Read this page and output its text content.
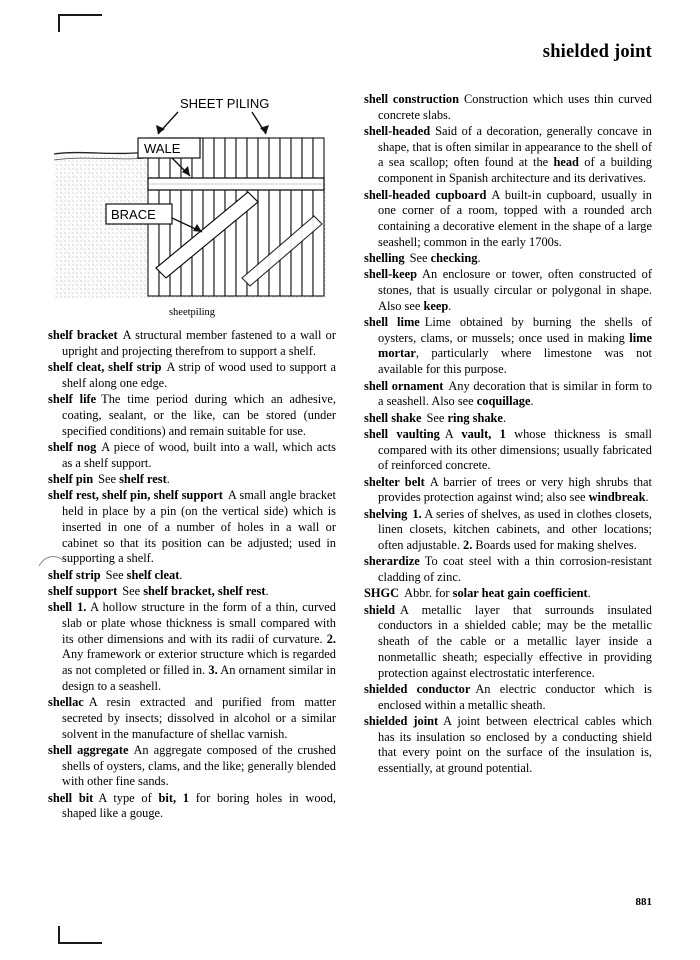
shielded joint
SHEET PILING
WALE
BRACE
sheetpiling

shelf bracket A structural member fastened to a wall or upright and projecting therefrom to support a shelf.

shelf cleat, shelf strip A strip of wood used to support a shelf along one edge.

shelf life The time period during which an adhesive, coating, sealant, or the like, can be stored (under specified conditions) and remain suitable for use.

shelf nog A piece of wood, built into a wall, which acts as a shelf support.

shelf pin See shelf rest.

shelf rest, shelf pin, shelf support A small angle bracket held in place by a pin (on the vertical side) which is inserted in one of a number of holes in a wall or cabinet so that its position can be adjusted; used in supporting a shelf.

shelf strip See shelf cleat.

shelf support See shelf bracket, shelf rest.

shell 1. A hollow structure in the form of a thin, curved slab or plate whose thickness is small compared with its other dimensions and with its radii of curvature. 2. Any framework or exterior structure which is regarded as not completed or filled in. 3. An ornament similar in design to a seashell.

shellac A resin extracted and purified from matter secreted by insects; dissolved in alcohol or a similar solvent in the manufacture of shellac varnish.

shell aggregate An aggregate composed of the crushed shells of oysters, clams, and the like; generally blended with other fine sands.

shell bit A type of bit, 1 for boring holes in wood, shaped like a gouge.

shell construction Construction which uses thin curved concrete slabs.

shell-headed Said of a decoration, generally concave in shape, that is often similar in appearance to the shell of a sea scallop; often found at the head of a building component in Spanish architecture and its derivatives.

shell-headed cupboard A built-in cupboard, usually in one corner of a room, topped with a rounded arch containing a decorative element in the shape of a large seashell; common in the early 1700s.

shelling See checking.

shell-keep An enclosure or tower, often constructed of stones, that is usually circular or polygonal in shape. Also see keep.

shell lime Lime obtained by burning the shells of oysters, clams, or mussels; once used in making lime mortar, particularly where limestone was not available for this purpose.

shell ornament Any decoration that is similar in form to a seashell. Also see coquillage.

shell shake See ring shake.

shell vaulting A vault, 1 whose thickness is small compared with its other dimensions; usually fabricated of reinforced concrete.

shelter belt A barrier of trees or very high shrubs that provides protection against wind; also see windbreak.

shelving 1. A series of shelves, as used in clothes closets, linen closets, kitchen cabinets, and other locations; often adjustable. 2. Boards used for making shelves.

sherardize To coat steel with a thin corrosion-resistant cladding of zinc.

SHGC Abbr. for solar heat gain coefficient.

shield A metallic layer that surrounds insulated conductors in a shielded cable; may be the metallic sheath of the cable or a metallic layer inside a nonmetallic sheath; especially effective in providing protection against electrostatic interference.

shielded conductor An electric conductor which is enclosed within a metallic sheath.

shielded joint A joint between electrical cables which has its insulation so enclosed by a conducting shield that every point on the surface of the insulation is, essentially, at ground potential.

881
